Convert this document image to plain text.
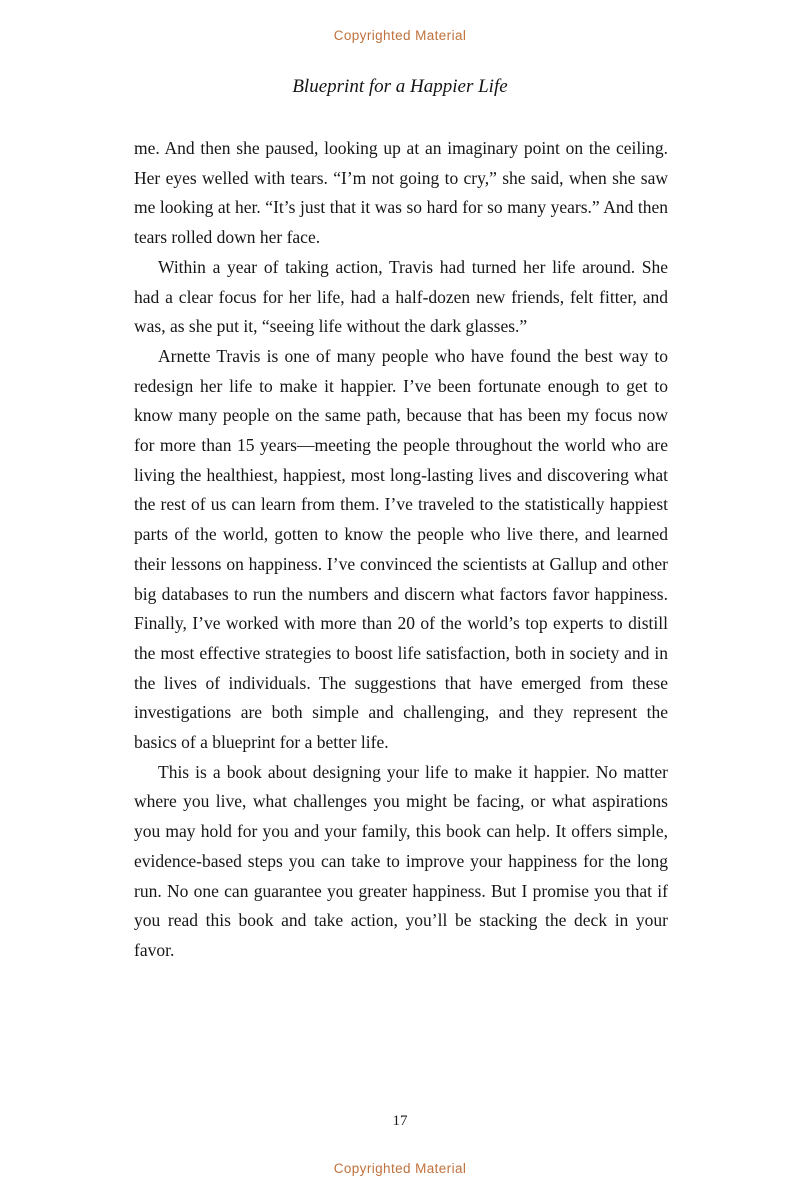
Copyrighted Material
Blueprint for a Happier Life

me. And then she paused, looking up at an imaginary point on the ceiling. Her eyes welled with tears. “I’m not going to cry,” she said, when she saw me looking at her. “It’s just that it was so hard for so many years.” And then tears rolled down her face.

Within a year of taking action, Travis had turned her life around. She had a clear focus for her life, had a half-dozen new friends, felt fitter, and was, as she put it, “seeing life without the dark glasses.”

Arnette Travis is one of many people who have found the best way to redesign her life to make it happier. I’ve been fortunate enough to get to know many people on the same path, because that has been my focus now for more than 15 years—meeting the people throughout the world who are living the healthiest, happiest, most long-lasting lives and discovering what the rest of us can learn from them. I’ve traveled to the statistically happiest parts of the world, gotten to know the people who live there, and learned their lessons on happiness. I’ve convinced the scientists at Gallup and other big databases to run the numbers and discern what factors favor happiness. Finally, I’ve worked with more than 20 of the world’s top experts to distill the most effective strategies to boost life satisfaction, both in society and in the lives of individuals. The suggestions that have emerged from these investigations are both simple and challenging, and they represent the basics of a blueprint for a better life.

This is a book about designing your life to make it happier. No matter where you live, what challenges you might be facing, or what aspirations you may hold for you and your family, this book can help. It offers simple, evidence-based steps you can take to improve your happiness for the long run. No one can guarantee you greater happiness. But I promise you that if you read this book and take action, you’ll be stacking the deck in your favor.

17
Copyrighted Material
